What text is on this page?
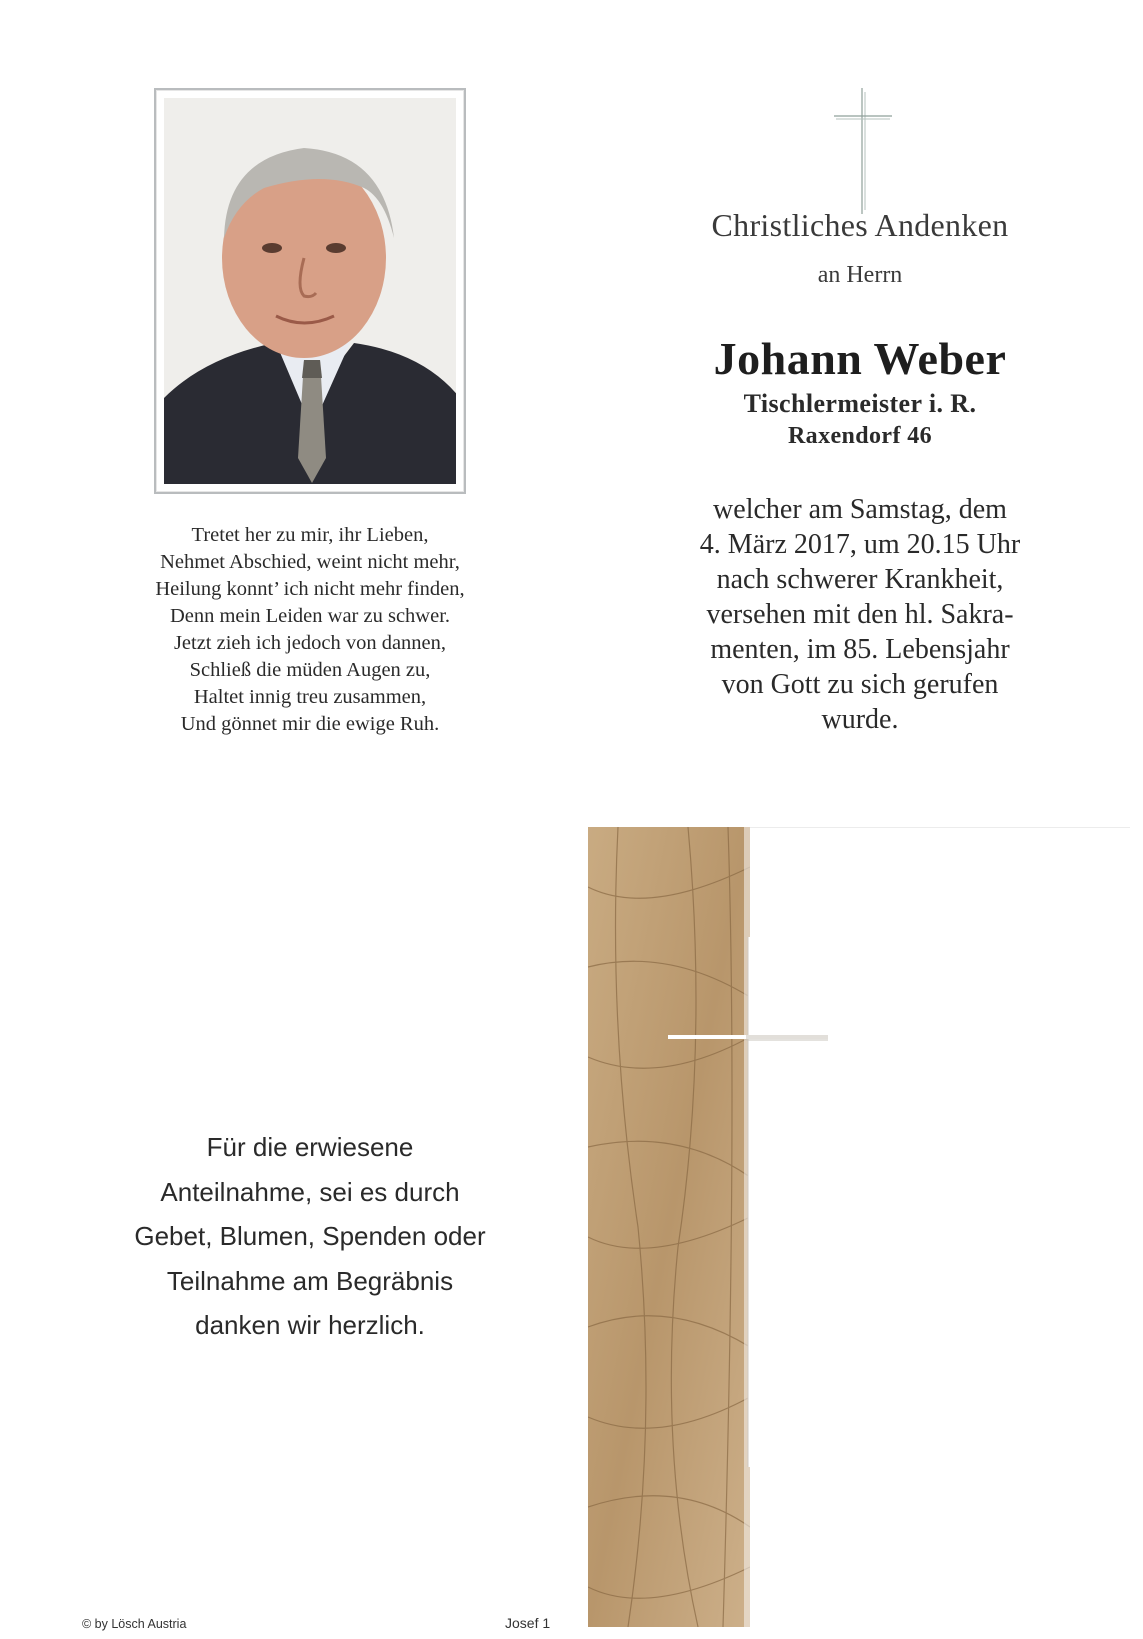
Tretet her zu mir, ihr Lieben,
Nehmet Abschied, weint nicht mehr,
Heilung konnt’ ich nicht mehr finden,
Denn mein Leiden war zu schwer.
Jetzt zieh ich jedoch von dannen,
Schließ die müden Augen zu,
Haltet innig treu zusammen,
Und gönnet mir die ewige Ruh.
Christliches Andenken
an Herrn
Johann Weber
Tischlermeister i. R.
Raxendorf 46
welcher am Samstag, dem
4. März 2017, um 20.15 Uhr
nach schwerer Krankheit,
versehen mit den hl. Sakra-
menten, im 85. Lebensjahr
von Gott zu sich gerufen
wurde.
Für die erwiesene
Anteilnahme, sei es durch
Gebet, Blumen, Spenden oder
Teilnahme am Begräbnis
danken wir herzlich.
© by Lösch Austria	Josef 1
